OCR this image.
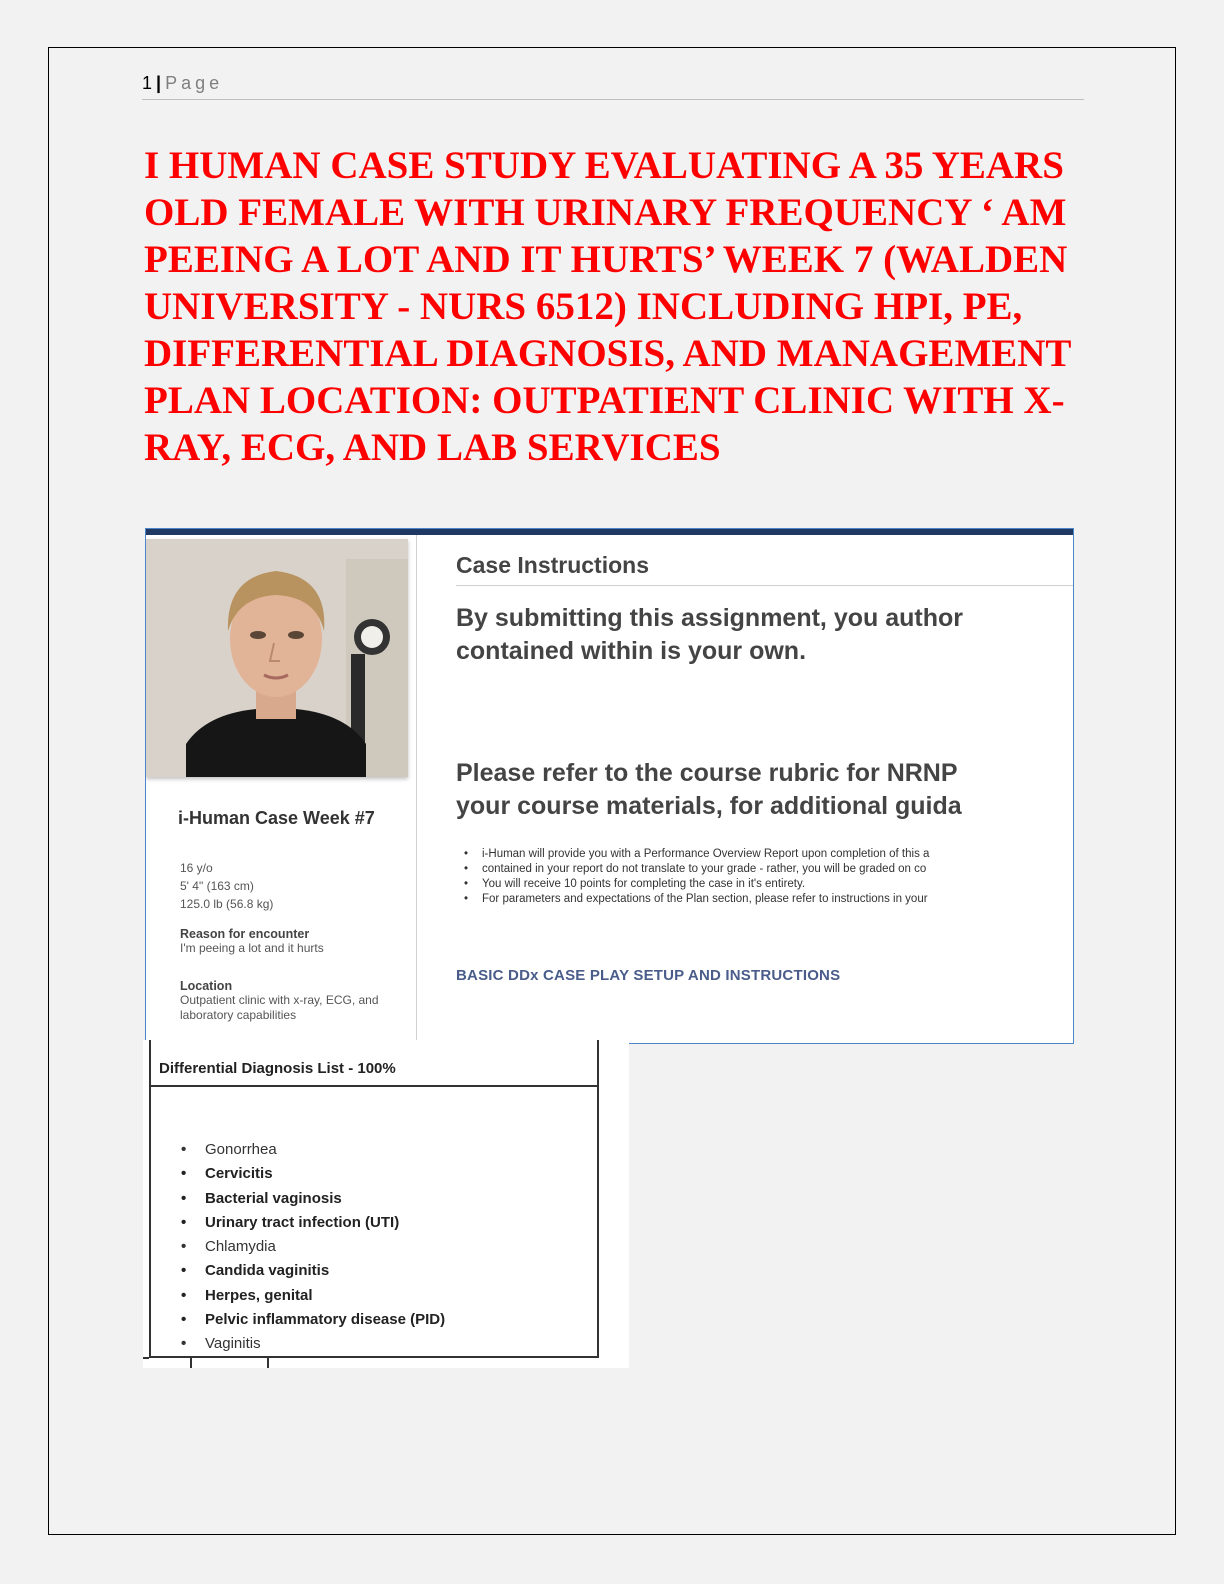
1 | Page
I HUMAN CASE STUDY EVALUATING A 35 YEARS OLD FEMALE WITH URINARY FREQUENCY ‘ AM PEEING A LOT AND IT HURTS’ WEEK 7 (WALDEN UNIVERSITY - NURS 6512) INCLUDING HPI, PE, DIFFERENTIAL DIAGNOSIS, AND MANAGEMENT PLAN LOCATION: OUTPATIENT CLINIC WITH X-RAY, ECG, AND LAB SERVICES
i-Human Case Week #7
16 y/o
5' 4" (163 cm)
125.0 lb (56.8 kg)
Reason for encounter
I'm peeing a lot and it hurts
Location
Outpatient clinic with x-ray, ECG, and laboratory capabilities
Case Instructions

By submitting this assignment, you author

contained within is your own.

Please refer to the course rubric for NRNP

your course materials, for additional guida

• i-Human will provide you with a Performance Overview Report upon completion of this a
• contained in your report do not translate to your grade - rather, you will be graded on co
• You will receive 10 points for completing the case in it's entirety.
• For parameters and expectations of the Plan section, please refer to instructions in your
BASIC DDx CASE PLAY SETUP AND INSTRUCTIONS
Differential Diagnosis List - 100%
• Gonorrhea
• Cervicitis
• Bacterial vaginosis
• Urinary tract infection (UTI)
• Chlamydia
• Candida vaginitis
• Herpes, genital
• Pelvic inflammatory disease (PID)
• Vaginitis
